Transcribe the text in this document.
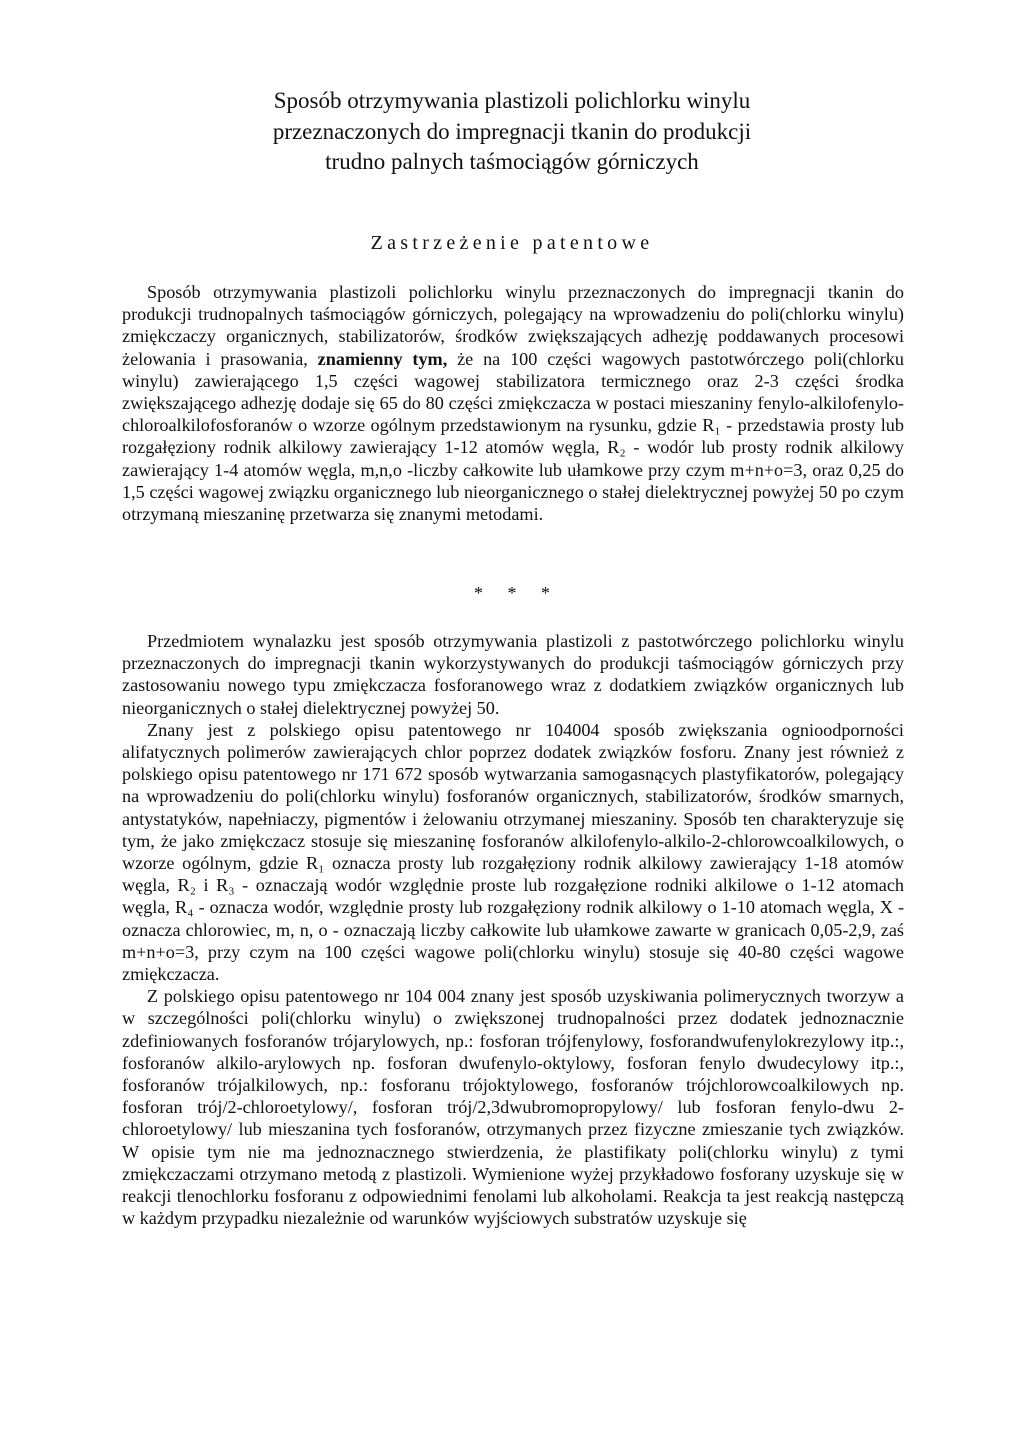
Sposób otrzymywania plastizoli polichlorku winylu
przeznaczonych do impregnacji tkanin do produkcji
trudno palnych taśmociągów górniczych
Zastrzeżenie patentowe

Sposób otrzymywania plastizoli polichlorku winylu przeznaczonych do impregnacji tkanin do produkcji trudnopalnych taśmociągów górniczych, polegający na wprowadzeniu do poli(chlorku winylu) zmiękczaczy organicznych, stabilizatorów, środków zwiększających adhezję poddawanych procesowi żelowania i prasowania, znamienny tym, że na 100 części wagowych pastotwórczego poli(chlorku winylu) zawierającego 1,5 części wagowej stabilizatora termicznego oraz 2-3 części środka zwiększającego adhezję dodaje się 65 do 80 części zmiękczacza w postaci mieszaniny fenylo-alkilofenylo-chloroalkilofosforanów o wzorze ogólnym przedstawionym na rysunku, gdzie R₁ - przedstawia prosty lub rozgałęziony rodnik alkilowy zawierający 1-12 atomów węgla, R₂ - wodór lub prosty rodnik alkilowy zawierający 1-4 atomów węgla, m,n,o -liczby całkowite lub ułamkowe przy czym m+n+o=3, oraz 0,25 do 1,5 części wagowej związku organicznego lub nieorganicznego o stałej dielektrycznej powyżej 50 po czym otrzymaną mieszaninę przetwarza się znanymi metodami.

* * *

Przedmiotem wynalazku jest sposób otrzymywania plastizoli z pastotwórczego polichlorku winylu przeznaczonych do impregnacji tkanin wykorzystywanych do produkcji taśmociągów górniczych przy zastosowaniu nowego typu zmiękczacza fosforanowego wraz z dodatkiem związków organicznych lub nieorganicznych o stałej dielektrycznej powyżej 50.

Znany jest z polskiego opisu patentowego nr 104004 sposób zwiększania ognioodporności alifatycznych polimerów zawierających chlor poprzez dodatek związków fosforu. Znany jest również z polskiego opisu patentowego nr 171 672 sposób wytwarzania samogasnących plastyfikatorów, polegający na wprowadzeniu do poli(chlorku winylu) fosforanów organicznych, stabilizatorów, środków smarnych, antystatyków, napełniaczy, pigmentów i żelowaniu otrzymanej mieszaniny. Sposób ten charakteryzuje się tym, że jako zmiękczacz stosuje się mieszaninę fosforanów alkilofenylo-alkilo-2-chlorowcoalkilowych, o wzorze ogólnym, gdzie R₁ oznacza prosty lub rozgałęziony rodnik alkilowy zawierający 1-18 atomów węgla, R₂ i R₃ - oznaczają wodór względnie proste lub rozgałęzione rodniki alkilowe o 1-12 atomach węgla, R₄ - oznacza wodór, względnie prosty lub rozgałęziony rodnik alkilowy o 1-10 atomach węgla, X - oznacza chlorowiec, m, n, o - oznaczają liczby całkowite lub ułamkowe zawarte w granicach 0,05-2,9, zaś m+n+o=3, przy czym na 100 części wagowe poli(chlorku winylu) stosuje się 40-80 części wagowe zmiękczacza.

Z polskiego opisu patentowego nr 104 004 znany jest sposób uzyskiwania polimerycznych tworzyw a w szczególności poli(chlorku winylu) o zwiększonej trudnopalności przez dodatek jednoznacznie zdefiniowanych fosforanów trójarylowych, np.: fosforan trójfenylowy, fosforandwufenylokrezylowy itp.:, fosforanów alkilo-arylowych np. fosforan dwufenylo-oktylowy, fosforan fenylo dwudecylowy itp.:, fosforanów trójalkilowych, np.: fosforanu trójoktylowego, fosforanów trójchlorowcoalkilowych np. fosforan trój/2-chloroetylowy/, fosforan trój/2,3dwubromopropylowy/ lub fosforan fenylo-dwu 2-chloroetylowy/ lub mieszanina tych fosforanów, otrzymanych przez fizyczne zmieszanie tych związków. W opisie tym nie ma jednoznacznego stwierdzenia, że plastifikaty poli(chlorku winylu) z tymi zmiękczaczami otrzymano metodą z plastizoli. Wymienione wyżej przykładowo fosforany uzyskuje się w reakcji tlenochlorku fosforanu z odpowiednimi fenolami lub alkoholami. Reakcja ta jest reakcją następczą w każdym przypadku niezależnie od warunków wyjściowych substratów uzyskuje się
